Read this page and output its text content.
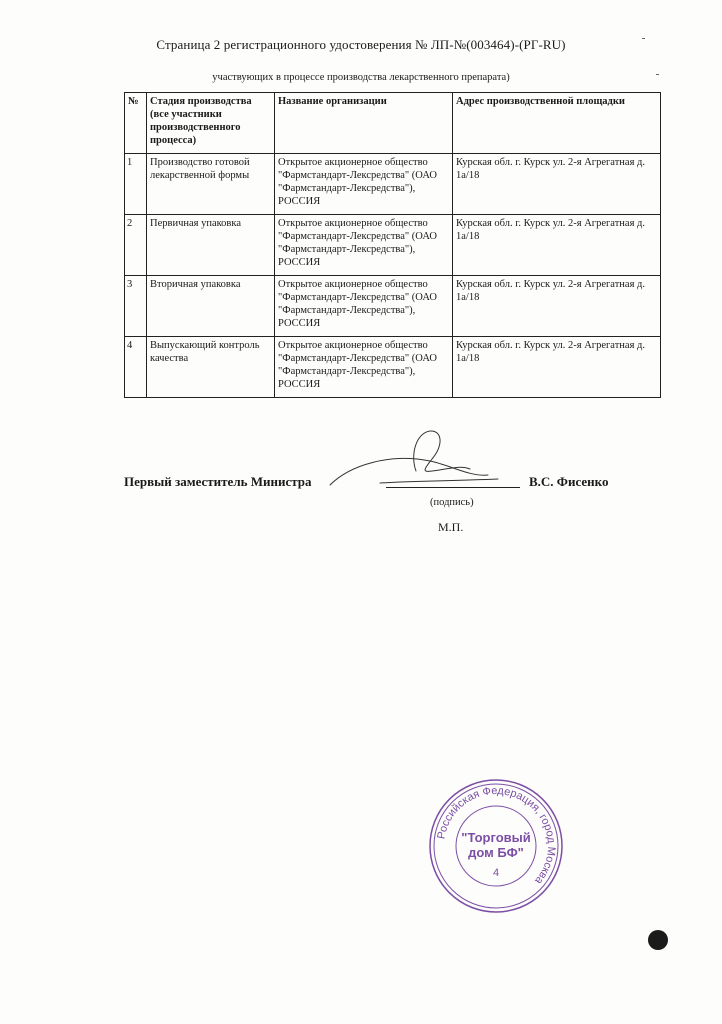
Страница 2 регистрационного удостоверения № ЛП-№(003464)-(РГ-RU)
участвующих в процессе производства лекарственного препарата)
№	Стадия производства (все участники производственного процесса)	Название организации	Адрес производственной площадки
1	Производство готовой лекарственной формы	Открытое акционерное общество "Фармстандарт-Лексредства" (ОАО "Фармстандарт-Лексредства"), РОССИЯ	Курская обл. г. Курск ул. 2-я Агрегатная д. 1а/18
2	Первичная упаковка	Открытое акционерное общество "Фармстандарт-Лексредства" (ОАО "Фармстандарт-Лексредства"), РОССИЯ	Курская обл. г. Курск ул. 2-я Агрегатная д. 1а/18
3	Вторичная упаковка	Открытое акционерное общество "Фармстандарт-Лексредства" (ОАО "Фармстандарт-Лексредства"), РОССИЯ	Курская обл. г. Курск ул. 2-я Агрегатная д. 1а/18
4	Выпускающий контроль качества	Открытое акционерное общество "Фармстандарт-Лексредства" (ОАО "Фармстандарт-Лексредства"), РОССИЯ	Курская обл. г. Курск ул. 2-я Агрегатная д. 1а/18
Первый заместитель Министра	В.С. Фисенко
(подпись)
М.П.
Российская Федерация, город Москва
"Торговый
дом БФ"
4
